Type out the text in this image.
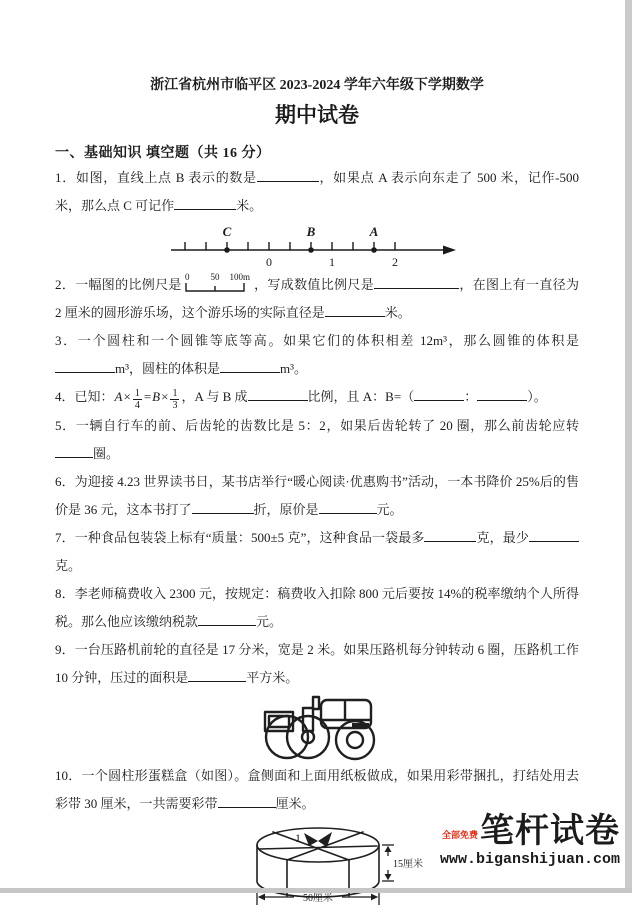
浙江省杭州市临平区 2023-2024 学年六年级下学期数学
期中试卷
一、基础知识 填空题（共 16 分）
1．如图，直线上点 B 表示的数是	，如果点 A 表示向东走了 500 米，记作-500 米，那么点 C 可记作	米。
C	B	A
0	1	2
2．一幅图的比例尺是 0 50 100m ，写成数值比例尺是	，在图上有一直径为 2 厘米的圆形游乐场，这个游乐场的实际直径是	米。
3．一个圆柱和一个圆锥等底等高。如果它们的体积相差 12m³，那么圆锥的体积是m³，圆柱的体积是	m³。
4．已知：$A\times \frac{1}{4} =B\times \frac{1}{3}$ ，A 与 B 成	比例，且 A：B=（	：	）。
5．一辆自行车的前、后齿轮的齿数比是 5：2，如果后齿轮转了 20 圈，那么前齿轮应转圈。
6．为迎接 4.23 世界读书日，某书店举行“暖心阅读·优惠购书”活动，一本书降价 25%后的售价是 36 元，这本书打了	折，原价是	元。
7．一种食品包装袋上标有“质量：500±5 克”，这种食品一袋最多	克，最少克。
8．李老师稿费收入 2300 元，按规定：稿费收入扣除 800 元后要按 14%的税率缴纳个人所得税。那么他应该缴纳税款	元。
9．一台压路机前轮的直径是 17 分米，宽是 2 米。如果压路机每分钟转动 6 圈，压路机工作 10 分钟，压过的面积是	平方米。
10．一个圆柱形蛋糕盒（如图）。盒侧面和上面用纸板做成，如果用彩带捆扎，打结处用去彩带 30 厘米，一共需要彩带	厘米。
15厘米
50厘米
1	全部免费 笔杆试卷
www.biganshijuan.com
